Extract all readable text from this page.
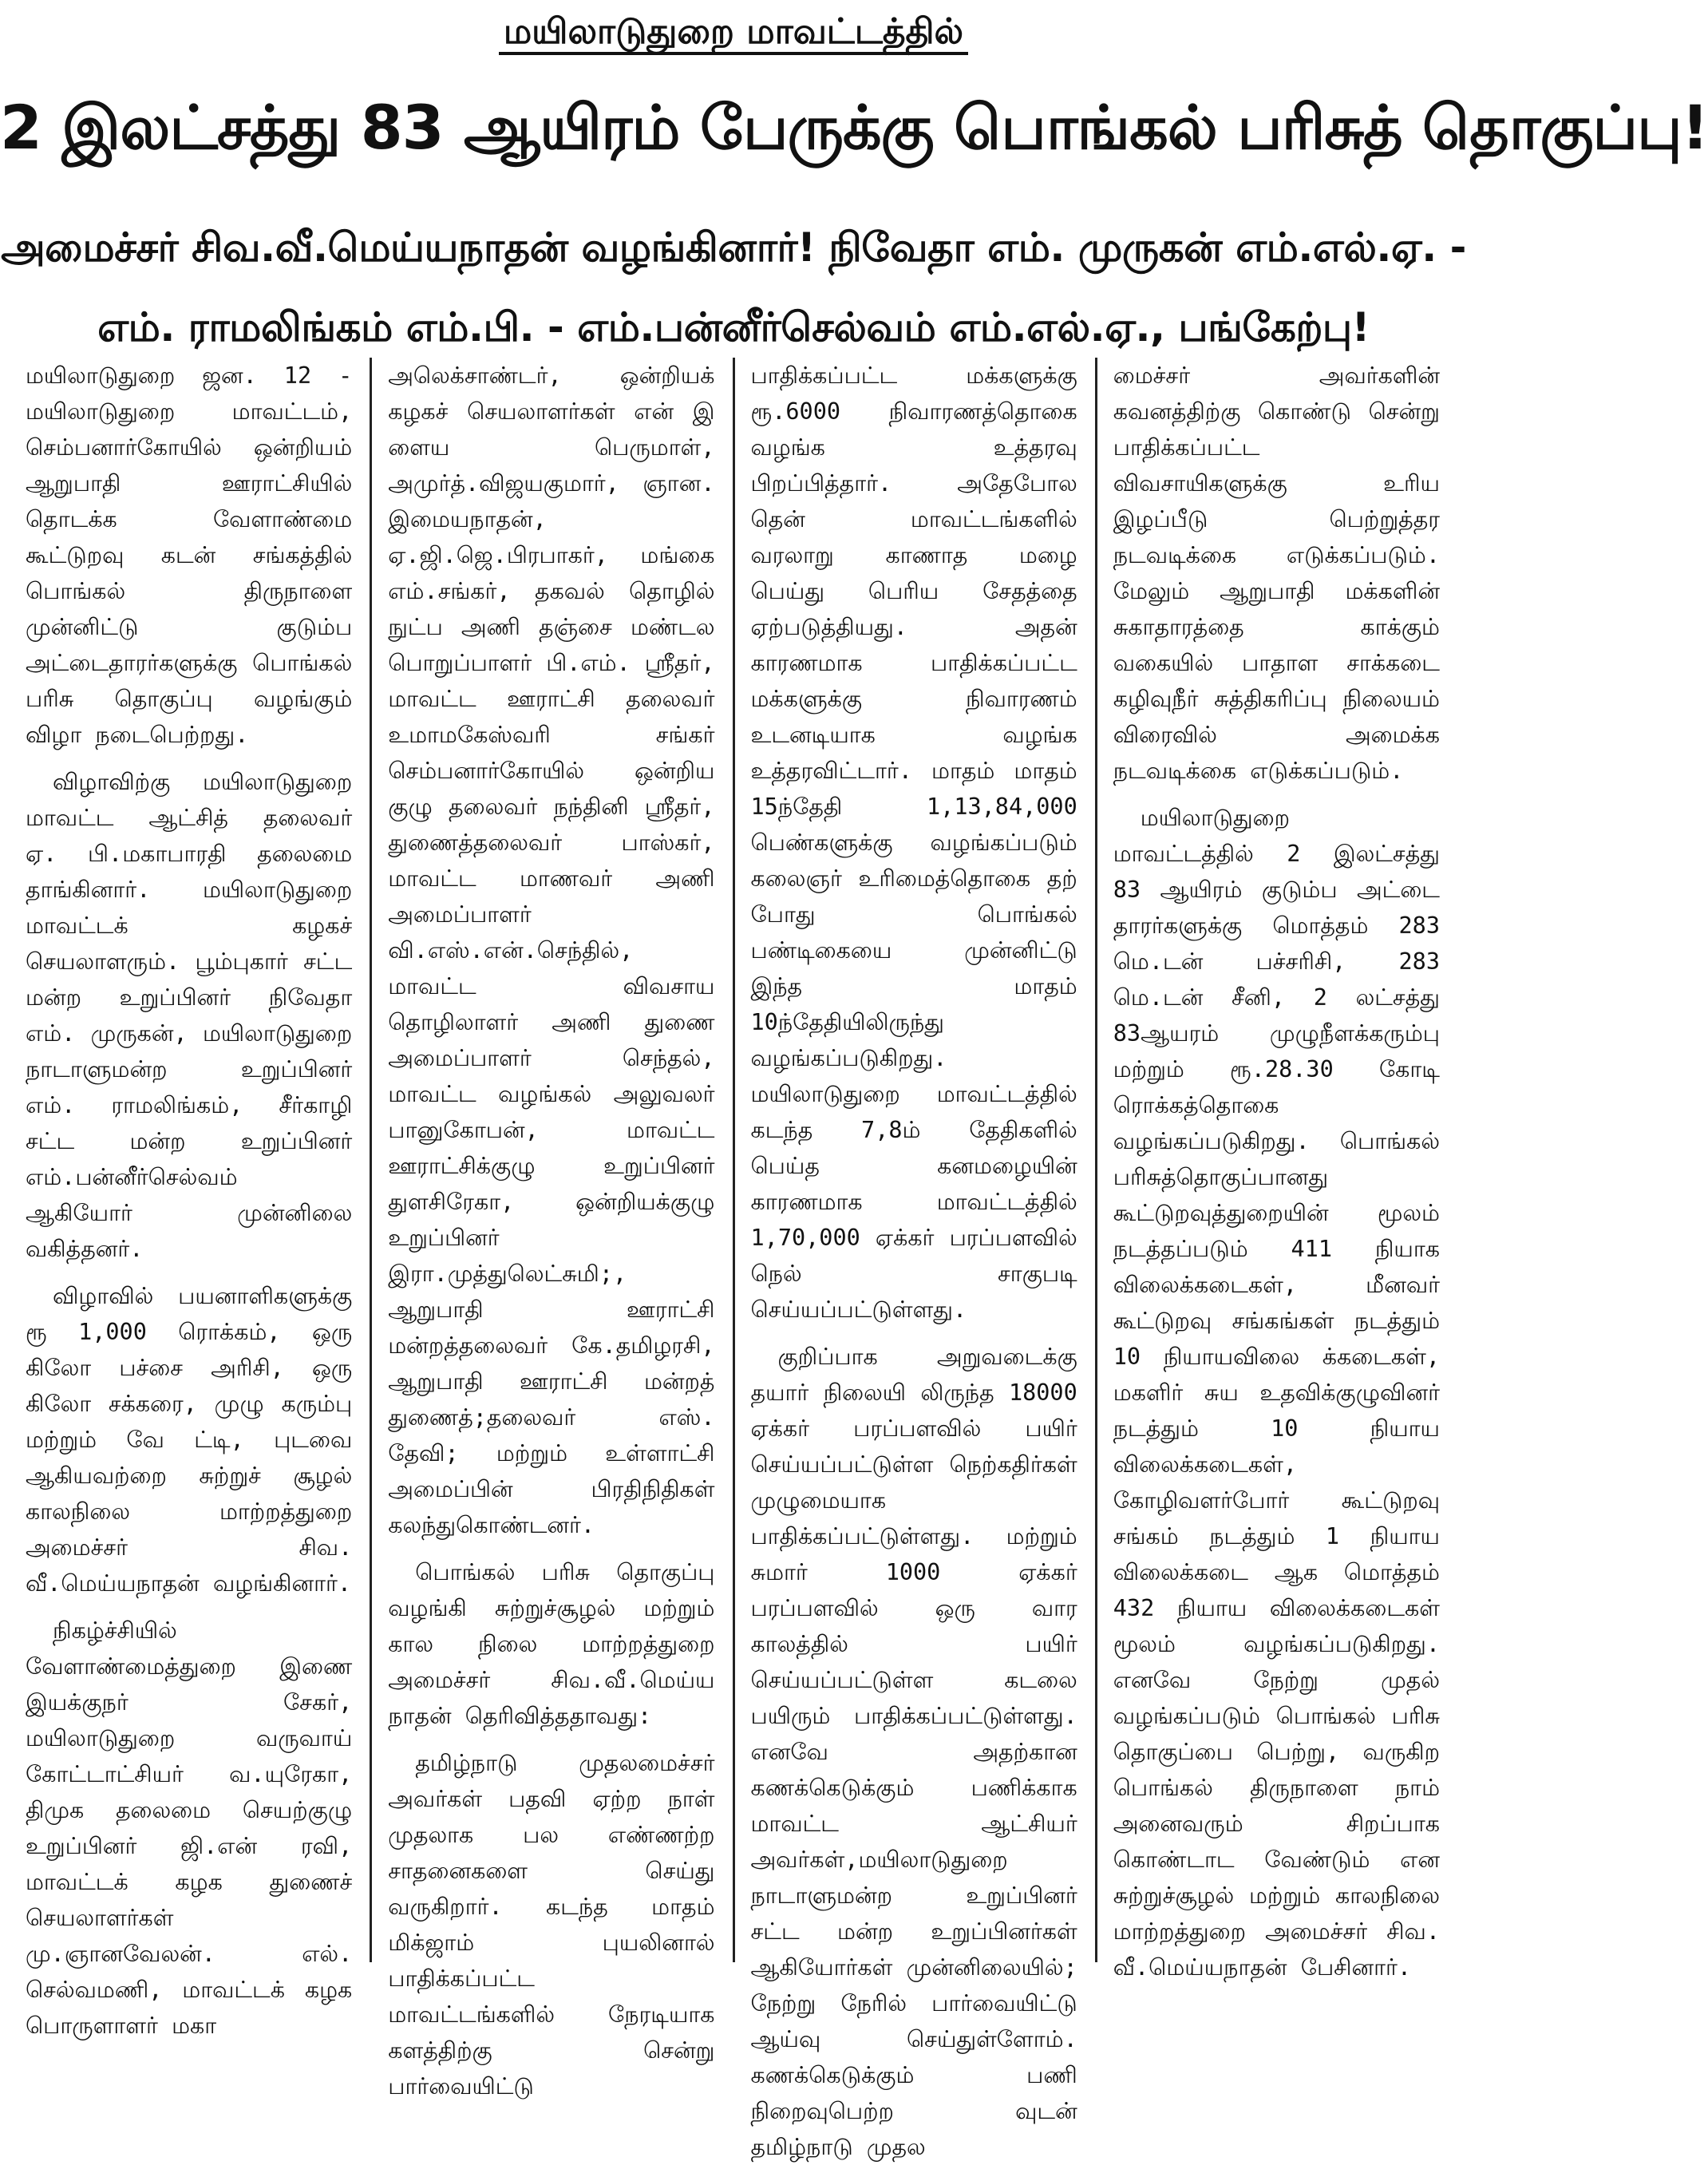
மயிலாடுதுறை மாவட்டத்தில்
2 இலட்சத்து 83 ஆயிரம் பேருக்கு பொங்கல் பரிசுத் தொகுப்பு!
அமைச்சர் சிவ.வீ.மெய்யநாதன் வழங்கினார்! நிவேதா எம். முருகன் எம்.எல்.ஏ. -
எம். ராமலிங்கம் எம்.பி. - எம்.பன்னீர்செல்வம் எம்.எல்.ஏ., பங்கேற்பு!

மயிலாடுதுறை ஜன. 12 - மயிலாடுதுறை மாவட்டம், செம்பனார்கோயில் ஒன்றியம் ஆறுபாதி ஊராட்சியில் தொடக்க வேளாண்மை கூட்டுறவு கடன் சங்கத்தில் பொங்கல் திருநாளை முன்னிட்டு குடும்ப அட்டைதாரர்களுக்கு பொங்கல் பரிசு தொகுப்பு வழங்கும் விழா நடைபெற்றது.

விழாவிற்கு மயிலாடுதுறை மாவட்ட ஆட்சித் தலைவர் ஏ. பி.மகாபாரதி தலைமை தாங்கினார். மயிலாடுதுறை மாவட்டக் கழகச் செயலாளரும். பூம்புகார் சட்ட மன்ற உறுப்பினர் நிவேதா எம். முருகன், மயிலாடுதுறை நாடாளுமன்ற உறுப்பினர் எம். ராமலிங்கம், சீர்காழி சட்ட மன்ற உறுப்பினர் எம்.பன்னீர்செல்வம் ஆகியோர் முன்னிலை வகித்தனர்.

விழாவில் பயனாளிகளுக்கு ரூ 1,000 ரொக்கம், ஒரு கிலோ பச்சை அரிசி, ஒரு கிலோ சக்கரை, முழு கரும்பு மற்றும் வே ட்டி, புடவை ஆகியவற்றை சுற்றுச் சூழல் காலநிலை மாற்றத்துறை அமைச்சர் சிவ. வீ.மெய்யநாதன் வழங்கினார்.

நிகழ்ச்சியில் வேளாண்மைத்துறை இணை இயக்குநர் சேகர், மயிலாடுதுறை வருவாய் கோட்டாட்சியர் வ.யுரேகா, திமுக தலைமை செயற்குழு உறுப்பினர் ஜி.என் ரவி, மாவட்டக் கழக துணைச் செயலாளர்கள் மு.ஞானவேலன். எல். செல்வமணி, மாவட்டக் கழக பொருளாளர் மகா

அலெக்சாண்டர், ஒன்றியக் கழகச் செயலாளர்கள் என் இ ளைய பெருமாள், அமுர்த்.விஜயகுமார், ஞான. இமையநாதன், ஏ.ஜி.ஜெ.பிரபாகர், மங்கை எம்.சங்கர், தகவல் தொழில் நுட்ப அணி தஞ்சை மண்டல பொறுப்பாளர் பி.எம். ஸ்ரீதர், மாவட்ட ஊராட்சி தலைவர் உமாமகேஸ்வரி சங்கர் செம்பனார்கோயில் ஒன்றிய குழு தலைவர் நந்தினி ஸ்ரீதர், துணைத்தலைவர் பாஸ்கர், மாவட்ட மாணவர் அணி அமைப்பாளர் வி.எஸ்.என்.செந்தில், மாவட்ட விவசாய தொழிலாளர் அணி துணை அமைப்பாளர் செந்தல், மாவட்ட வழங்கல் அலுவலர் பானுகோபன், மாவட்ட ஊராட்சிக்குழு உறுப்பினர் துளசிரேகா, ஒன்றியக்குழு உறுப்பினர் இரா.முத்துலெட்சுமி;, ஆறுபாதி ஊராட்சி மன்றத்தலைவர் கே.தமிழரசி, ஆறுபாதி ஊராட்சி மன்றத் துணைத்;தலைவர் எஸ். தேவி; மற்றும் உள்ளாட்சி அமைப்பின் பிரதிநிதிகள் கலந்துகொண்டனர்.

பொங்கல் பரிசு தொகுப்பு வழங்கி சுற்றுச்சூழல் மற்றும் கால நிலை மாற்றத்துறை அமைச்சர் சிவ.வீ.மெய்ய நாதன் தெரிவித்ததாவது:

தமிழ்நாடு முதலமைச்சர் அவர்கள் பதவி ஏற்ற நாள் முதலாக பல எண்ணற்ற சாதனைகளை செய்து வருகிறார். கடந்த மாதம் மிக்ஜாம் புயலினால் பாதிக்கப்பட்ட மாவட்டங்களில் நேரடியாக களத்திற்கு சென்று பார்வையிட்டு

பாதிக்கப்பட்ட மக்களுக்கு ரூ.6000 நிவாரணத்தொகை வழங்க உத்தரவு பிறப்பித்தார். அதேபோல தென் மாவட்டங்களில் வரலாறு காணாத மழை பெய்து பெரிய சேதத்தை ஏற்படுத்தியது. அதன் காரணமாக பாதிக்கப்பட்ட மக்களுக்கு நிவாரணம் உடனடியாக வழங்க உத்தரவிட்டார். மாதம் மாதம் 15ந்தேதி 1,13,84,000 பெண்களுக்கு வழங்கப்படும் கலைஞர் உரிமைத்தொகை தற் போது பொங்கல் பண்டிகையை முன்னிட்டு இந்த மாதம் 10ந்தேதியிலிருந்து வழங்கப்படுகிறது. மயிலாடுதுறை மாவட்டத்தில் கடந்த 7,8ம் தேதிகளில் பெய்த கனமழையின் காரணமாக மாவட்டத்தில் 1,70,000 ஏக்கர் பரப்பளவில் நெல் சாகுபடி செய்யப்பட்டுள்ளது.

குறிப்பாக அறுவடைக்கு தயார் நிலையி லிருந்த 18000 ஏக்கர் பரப்பளவில் பயிர் செய்யப்பட்டுள்ள நெற்கதிர்கள் முழுமையாக பாதிக்கப்பட்டுள்ளது. மற்றும் சுமார் 1000 ஏக்கர் பரப்பளவில் ஒரு வார காலத்தில் பயிர் செய்யப்பட்டுள்ள கடலை பயிரும் பாதிக்கப்பட்டுள்ளது. எனவே அதற்கான கணக்கெடுக்கும் பணிக்காக மாவட்ட ஆட்சியர் அவர்கள்,மயிலாடுதுறை நாடாளுமன்ற உறுப்பினர் சட்ட மன்ற உறுப்பினர்கள் ஆகியோர்கள் முன்னிலையில்; நேற்று நேரில் பார்வையிட்டு ஆய்வு செய்துள்ளோம். கணக்கெடுக்கும் பணி நிறைவுபெற்ற வுடன் தமிழ்நாடு முதல

மைச்சர் அவர்களின் கவனத்திற்கு கொண்டு சென்று பாதிக்கப்பட்ட விவசாயிகளுக்கு உரிய இழப்பீடு பெற்றுத்தர நடவடிக்கை எடுக்கப்படும். மேலும் ஆறுபாதி மக்களின் சுகாதாரத்தை காக்கும் வகையில் பாதாள சாக்கடை கழிவுநீர் சுத்திகரிப்பு நிலையம் விரைவில் அமைக்க நடவடிக்கை எடுக்கப்படும்.

மயிலாடுதுறை மாவட்டத்தில் 2 இலட்சத்து 83 ஆயிரம் குடும்ப அட்டை தாரர்களுக்கு மொத்தம் 283 மெ.டன் பச்சரிசி, 283 மெ.டன் சீனி, 2 லட்சத்து 83ஆயரம் முழுநீளக்கரும்பு மற்றும் ரூ.28.30 கோடி ரொக்கத்தொகை வழங்கப்படுகிறது. பொங்கல் பரிசுத்தொகுப்பானது கூட்டுறவுத்துறையின் மூலம் நடத்தப்படும் 411 நியாக விலைக்கடைகள், மீனவர் கூட்டுறவு சங்கங்கள் நடத்தும் 10 நியாயவிலை க்கடைகள், மகளிர் சுய உதவிக்குழுவினர் நடத்தும் 10 நியாய விலைக்கடைகள், கோழிவளர்போர் கூட்டுறவு சங்கம் நடத்தும் 1 நியாய விலைக்கடை ஆக மொத்தம் 432 நியாய விலைக்கடைகள் மூலம் வழங்கப்படுகிறது. எனவே நேற்று முதல் வழங்கப்படும் பொங்கல் பரிசு தொகுப்பை பெற்று, வருகிற பொங்கல் திருநாளை நாம் அனைவரும் சிறப்பாக கொண்டாட வேண்டும் என சுற்றுச்சூழல் மற்றும் காலநிலை மாற்றத்துறை அமைச்சர் சிவ. வீ.மெய்யநாதன் பேசினார்.
